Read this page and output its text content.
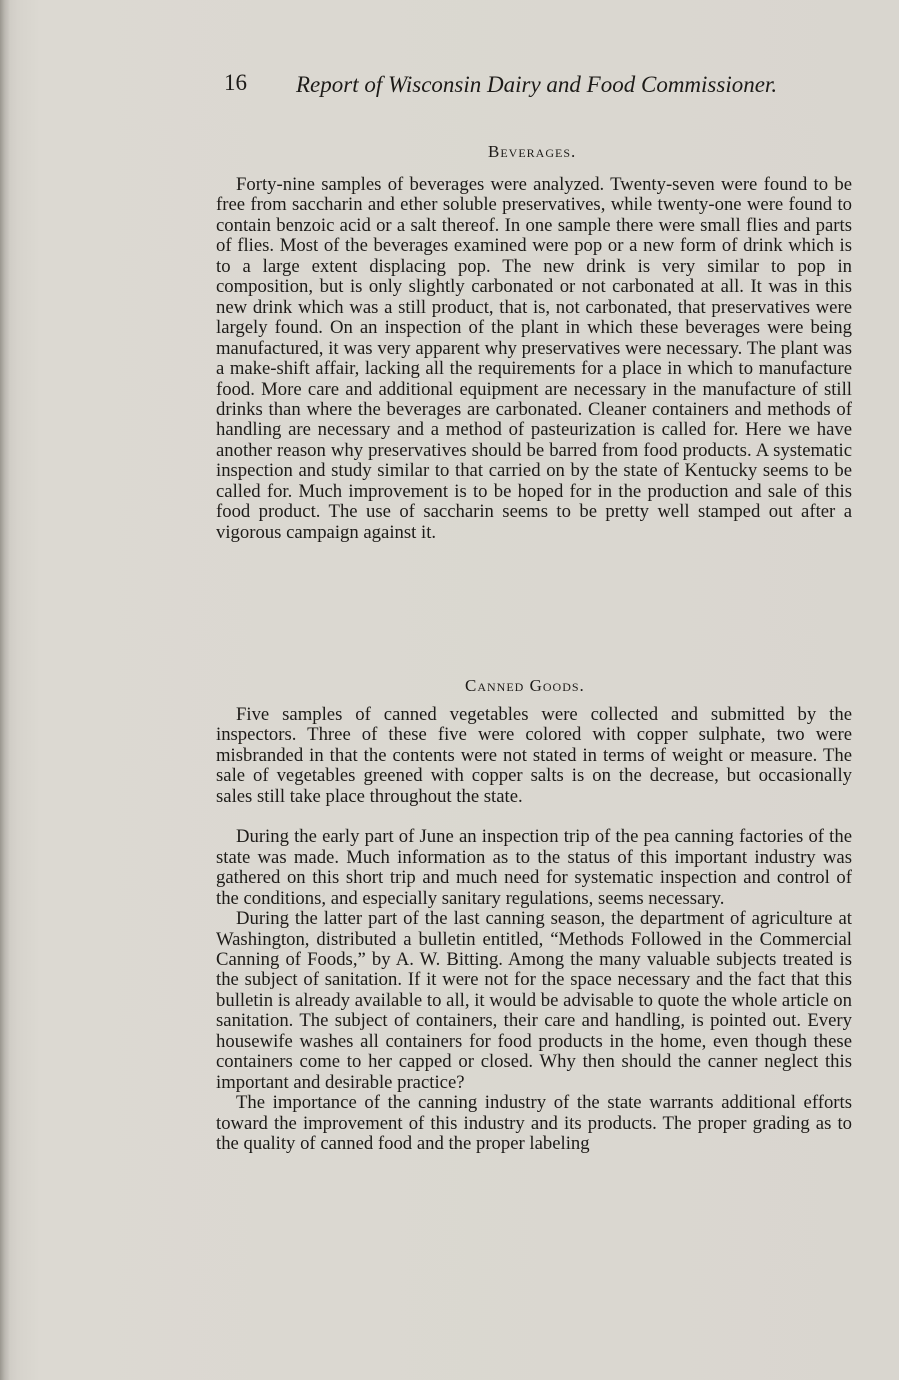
16 Report of Wisconsin Dairy and Food Commissioner.
Beverages.

Forty-nine samples of beverages were analyzed. Twenty-seven were found to be free from saccharin and ether soluble preservatives, while twenty-one were found to contain benzoic acid or a salt thereof. In one sample there were small flies and parts of flies. Most of the beverages examined were pop or a new form of drink which is to a large extent displacing pop. The new drink is very similar to pop in composition, but is only slightly carbonated or not carbonated at all. It was in this new drink which was a still product, that is, not carbonated, that preservatives were largely found. On an inspection of the plant in which these beverages were being manufactured, it was very apparent why preservatives were necessary. The plant was a make-shift affair, lacking all the requirements for a place in which to manufacture food. More care and additional equipment are necessary in the manufacture of still drinks than where the beverages are carbonated. Cleaner containers and methods of handling are necessary and a method of pasteurization is called for. Here we have another reason why preservatives should be barred from food products. A systematic inspection and study similar to that carried on by the state of Kentucky seems to be called for. Much improvement is to be hoped for in the production and sale of this food product. The use of saccharin seems to be pretty well stamped out after a vigorous campaign against it.

Canned Goods.

Five samples of canned vegetables were collected and submitted by the inspectors. Three of these five were colored with copper sulphate, two were misbranded in that the contents were not stated in terms of weight or measure. The sale of vegetables greened with copper salts is on the decrease, but occasionally sales still take place throughout the state.

During the early part of June an inspection trip of the pea canning factories of the state was made. Much information as to the status of this important industry was gathered on this short trip and much need for systematic inspection and control of the conditions, and especially sanitary regulations, seems necessary.

During the latter part of the last canning season, the department of agriculture at Washington, distributed a bulletin entitled, “Methods Followed in the Commercial Canning of Foods,” by A. W. Bitting. Among the many valuable subjects treated is the subject of sanitation. If it were not for the space necessary and the fact that this bulletin is already available to all, it would be advisable to quote the whole article on sanitation. The subject of containers, their care and handling, is pointed out. Every housewife washes all containers for food products in the home, even though these containers come to her capped or closed. Why then should the canner neglect this important and desirable practice?

The importance of the canning industry of the state warrants additional efforts toward the improvement of this industry and its products. The proper grading as to the quality of canned food and the proper labeling
